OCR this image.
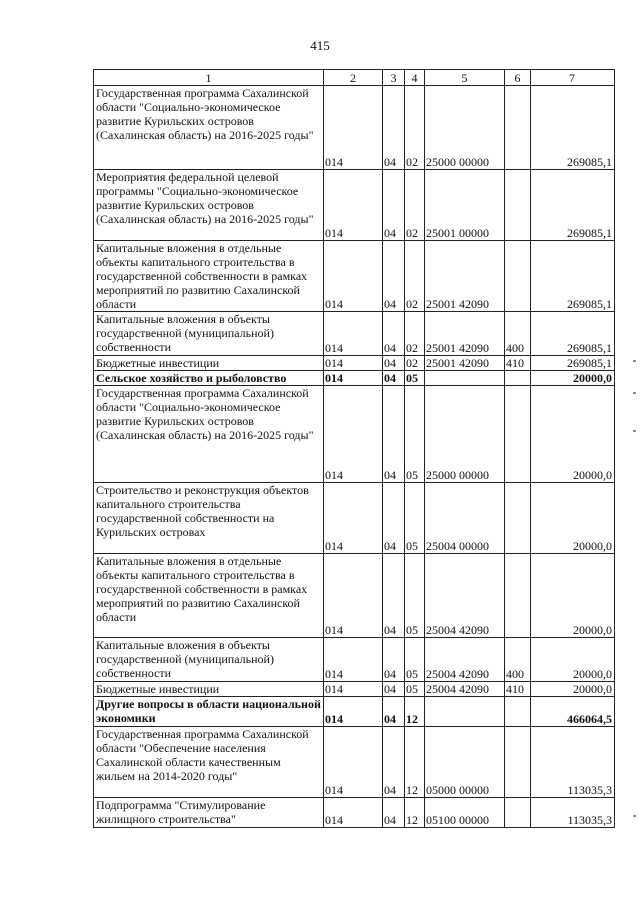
415
1	2	3	4	5	6	7
Государственная программа Сахалинской области "Социально-экономическое развитие Курильских островов (Сахалинская область) на 2016-2025 годы"	014	04	02	25000 00000		269085,1
Мероприятия федеральной целевой программы "Социально-экономическое развитие Курильских островов (Сахалинская область) на 2016-2025 годы"	014	04	02	25001 00000		269085,1
Капитальные вложения в отдельные объекты капитального строительства в государственной собственности в рамках мероприятий по развитию Сахалинской области	014	04	02	25001 42090		269085,1
Капитальные вложения в объекты государственной (муниципальной) собственности	014	04	02	25001 42090	400	269085,1
Бюджетные инвестиции	014	04	02	25001 42090	410	269085,1
Сельское хозяйство и рыболовство	014	04	05			20000,0
Государственная программа Сахалинской области "Социально-экономическое развитие Курильских островов (Сахалинская область) на 2016-2025 годы"	014	04	05	25000 00000		20000,0
Строительство и реконструкция объектов капитального строительства государственной собственности на Курильских островах	014	04	05	25004 00000		20000,0
Капитальные вложения в отдельные объекты капитального строительства в государственной собственности в рамках мероприятий по развитию Сахалинской области	014	04	05	25004 42090		20000,0
Капитальные вложения в объекты государственной (муниципальной) собственности	014	04	05	25004 42090	400	20000,0
Бюджетные инвестиции	014	04	05	25004 42090	410	20000,0
Другие вопросы в области национальной экономики	014	04	12			466064,5
Государственная программа Сахалинской области "Обеспечение населения Сахалинской области качественным жильем на 2014-2020 годы"	014	04	12	05000 00000		113035,3
Подпрограмма "Стимулирование жилищного строительства"	014	04	12	05100 00000		113035,3
